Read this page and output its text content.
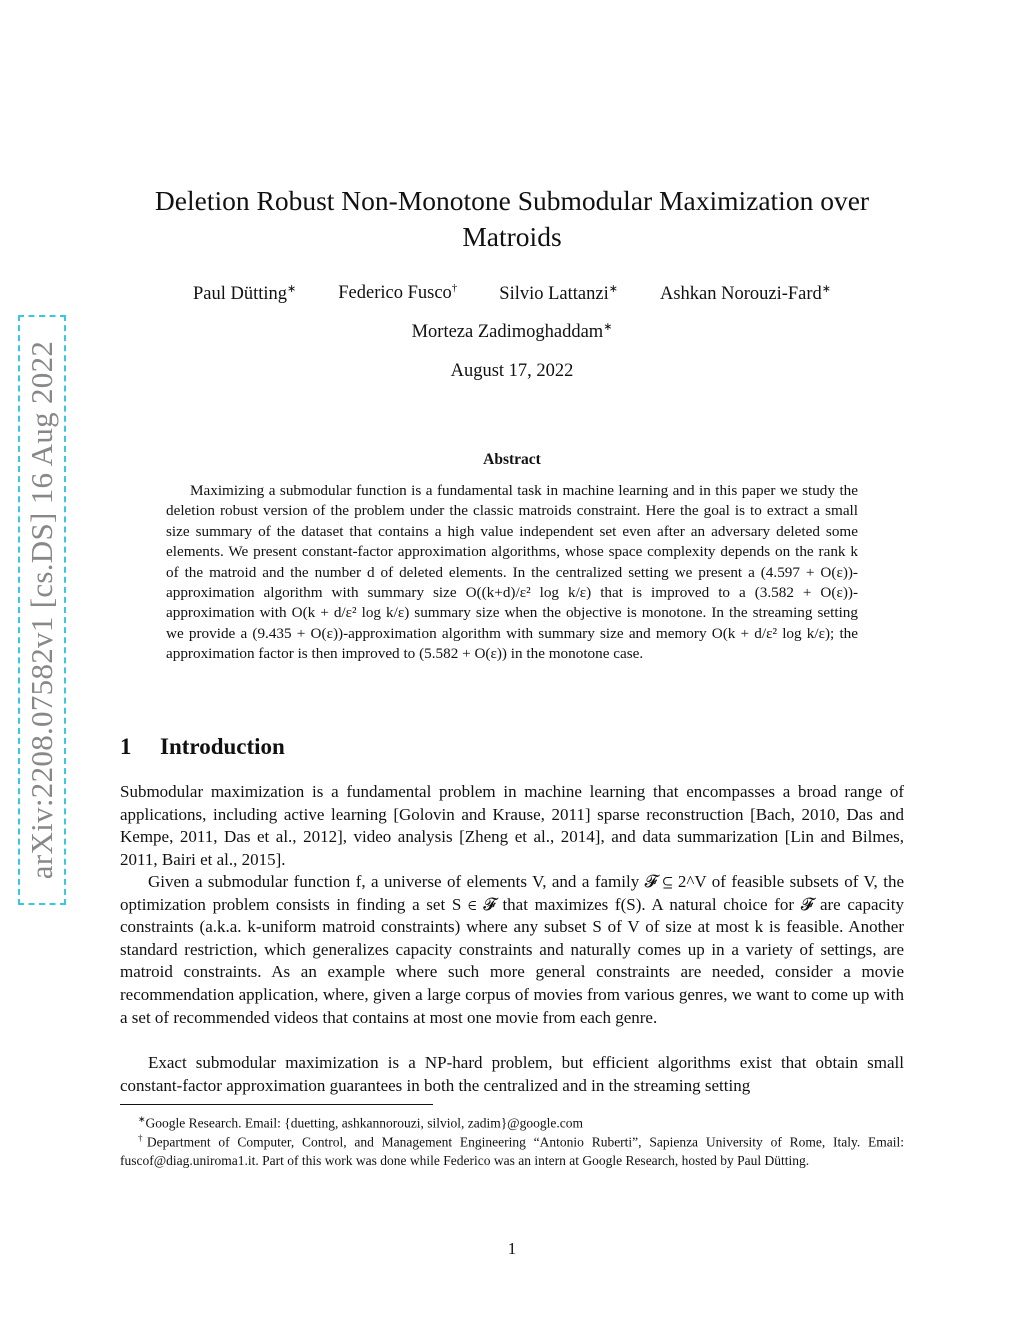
arXiv:2208.07582v1 [cs.DS] 16 Aug 2022
Deletion Robust Non-Monotone Submodular Maximization over Matroids
Paul Dütting∗ Federico Fusco† Silvio Lattanzi∗ Ashkan Norouzi-Fard∗
Morteza Zadimoghaddam∗
August 17, 2022
Abstract

Maximizing a submodular function is a fundamental task in machine learning and in this paper we study the deletion robust version of the problem under the classic matroids constraint. Here the goal is to extract a small size summary of the dataset that contains a high value independent set even after an adversary deleted some elements. We present constant-factor approximation algorithms, whose space complexity depends on the rank k of the matroid and the number d of deleted elements. In the centralized setting we present a (4.597 + O(ε))-approximation algorithm with summary size O((k+d)/ε² log k/ε) that is improved to a (3.582 + O(ε))-approximation with O(k + d/ε² log k/ε) summary size when the objective is monotone. In the streaming setting we provide a (9.435 + O(ε))-approximation algorithm with summary size and memory O(k + d/ε² log k/ε); the approximation factor is then improved to (5.582 + O(ε)) in the monotone case.

1 Introduction

Submodular maximization is a fundamental problem in machine learning that encompasses a broad range of applications, including active learning [Golovin and Krause, 2011] sparse reconstruction [Bach, 2010, Das and Kempe, 2011, Das et al., 2012], video analysis [Zheng et al., 2014], and data summarization [Lin and Bilmes, 2011, Bairi et al., 2015].

Given a submodular function f, a universe of elements V, and a family 𝓕 ⊆ 2^V of feasible subsets of V, the optimization problem consists in finding a set S ∈ 𝓕 that maximizes f(S). A natural choice for 𝓕 are capacity constraints (a.k.a. k-uniform matroid constraints) where any subset S of V of size at most k is feasible. Another standard restriction, which generalizes capacity constraints and naturally comes up in a variety of settings, are matroid constraints. As an example where such more general constraints are needed, consider a movie recommendation application, where, given a large corpus of movies from various genres, we want to come up with a set of recommended videos that contains at most one movie from each genre.

Exact submodular maximization is a NP-hard problem, but efficient algorithms exist that obtain small constant-factor approximation guarantees in both the centralized and in the streaming setting

∗Google Research. Email: {duetting, ashkannorouzi, silviol, zadim}@google.com

†Department of Computer, Control, and Management Engineering “Antonio Ruberti”, Sapienza University of Rome, Italy. Email: fuscof@diag.uniroma1.it. Part of this work was done while Federico was an intern at Google Research, hosted by Paul Dütting.

1
